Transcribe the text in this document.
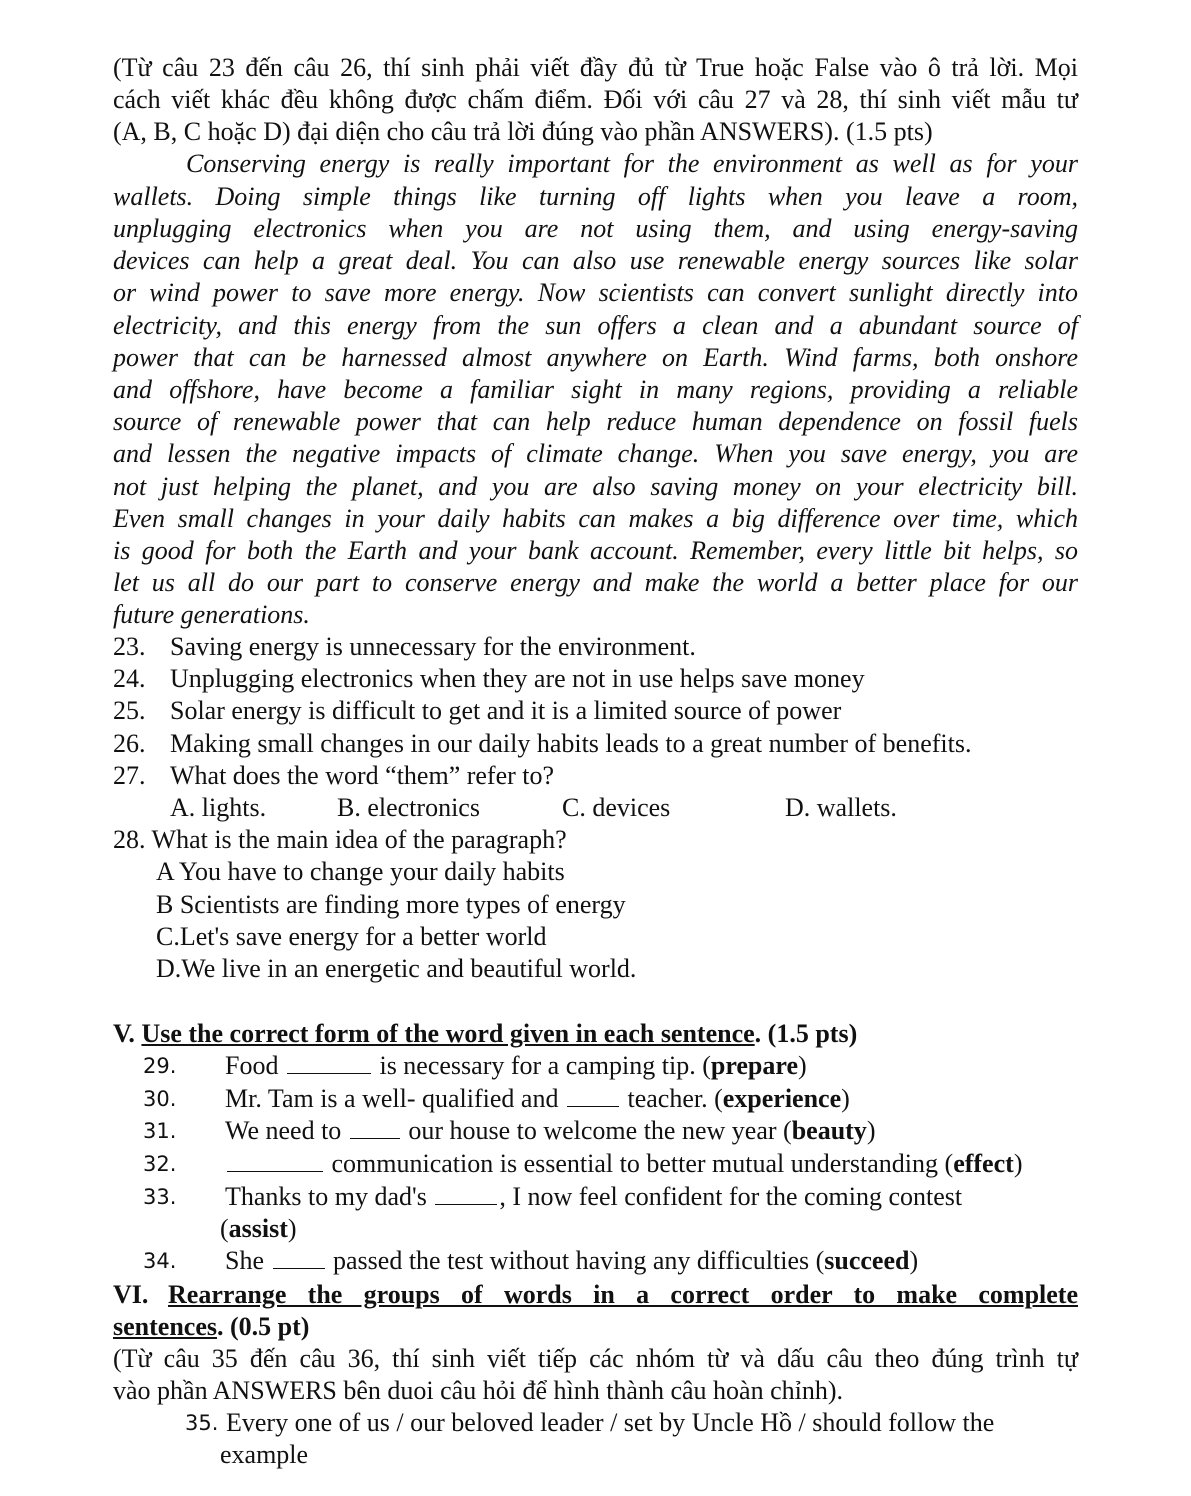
(Từ câu 23 đến câu 26, thí sinh phải viết đầy đủ từ True hoặc False vào ô trả lời. Mọi
cách viết khác đều không được chấm điểm. Đối với câu 27 và 28, thí sinh viết mẫu tư
(A, B, C hoặc D) đại diện cho câu trả lời đúng vào phần ANSWERS). (1.5 pts)
Conserving energy is really important for the environment as well as for your
wallets. Doing simple things like turning off lights when you leave a room,
unplugging electronics when you are not using them, and using energy-saving
devices can help a great deal. You can also use renewable energy sources like solar
or wind power to save more energy. Now scientists can convert sunlight directly into
electricity, and this energy from the sun offers a clean and a abundant source of
power that can be harnessed almost anywhere on Earth. Wind farms, both onshore
and offshore, have become a familiar sight in many regions, providing a reliable
source of renewable power that can help reduce human dependence on fossil fuels
and lessen the negative impacts of climate change. When you save energy, you are
not just helping the planet, and you are also saving money on your electricity bill.
Even small changes in your daily habits can makes a big difference over time, which
is good for both the Earth and your bank account. Remember, every little bit helps, so
let us all do our part to conserve energy and make the world a better place for our
future generations.
23. Saving energy is unnecessary for the environment.
24. Unplugging electronics when they are not in use helps save money
25. Solar energy is difficult to get and it is a limited source of power
26. Making small changes in our daily habits leads to a great number of benefits.
27. What does the word “them” refer to?
A. lights.	B. electronics	C. devices	D. wallets.
28. What is the main idea of the paragraph?
A You have to change your daily habits
B Scientists are finding more types of energy
C.Let's save energy for a better world
D.We live in an energetic and beautiful world.
V. Use the correct form of the word given in each sentence. (1.5 pts)
29. Food	is necessary for a camping tip. (prepare)
30. Mr. Tam is a well- qualified and	teacher. (experience)
31. We need to	our house to welcome the new year (beauty)
32.	communication is essential to better mutual understanding (effect)
33. Thanks to my dad's	, I now feel confident for the coming contest
(assist)
34. She	passed the test without having any difficulties (succeed)
VI. Rearrange the groups of words in a correct order to make complete
sentences. (0.5 pt)
(Từ câu 35 đến câu 36, thí sinh viết tiếp các nhóm từ và dấu câu theo đúng trình tự
vào phần ANSWERS bên duoi câu hỏi để hình thành câu hoàn chỉnh).
35. Every one of us / our beloved leader / set by Uncle Hồ / should follow the
example
